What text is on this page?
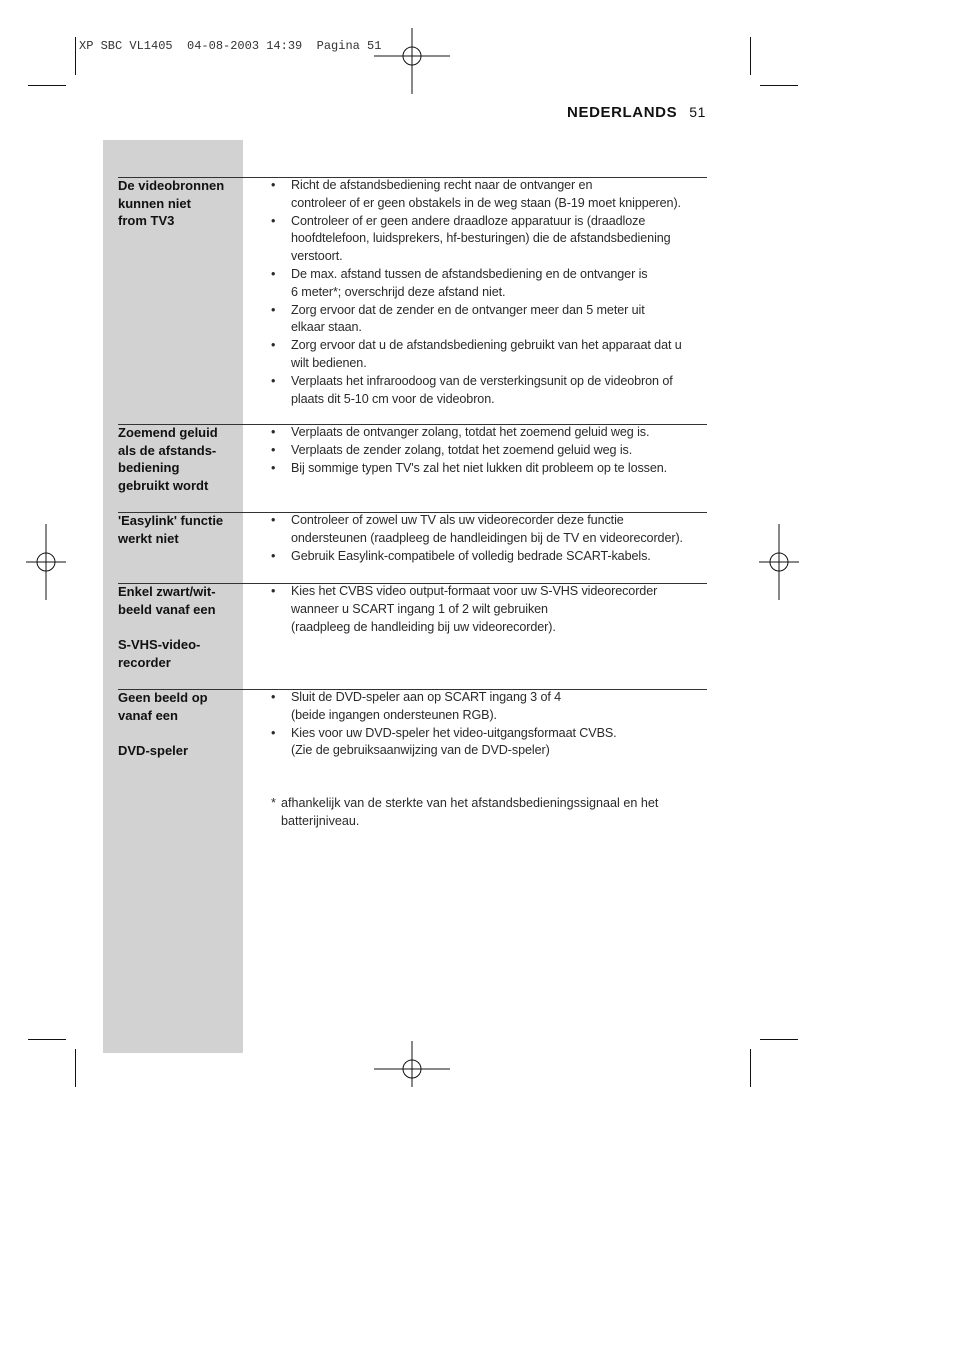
XP SBC VL1405  04-08-2003 14:39  Pagina 51
NEDERLANDS 51
De videobronnen
kunnen niet
from TV3
• Richt de afstandsbediening recht naar de ontvanger en
controleer of er geen obstakels in de weg staan (B-19 moet knipperen).
• Controleer of er geen andere draadloze apparatuur is (draadloze
hoofdtelefoon, luidsprekers, hf-besturingen) die de afstandsbediening
verstoort.
• De max. afstand tussen de afstandsbediening en de ontvanger is
6 meter*; overschrijd deze afstand niet.
• Zorg ervoor dat de zender en de ontvanger meer dan 5 meter uit
elkaar staan.
• Zorg ervoor dat u de afstandsbediening gebruikt van het apparaat dat u
wilt bedienen.
• Verplaats het infraroodoog van de versterkingsunit op de videobron of
plaats dit 5-10 cm voor de videobron.
Zoemend geluid
als de afstands-
bediening
gebruikt wordt
• Verplaats de ontvanger zolang, totdat het zoemend geluid weg is.
• Verplaats de zender zolang, totdat het zoemend geluid weg is.
• Bij sommige typen TV's zal het niet lukken dit probleem op te lossen.
'Easylink' functie
werkt niet
• Controleer of zowel uw TV als uw videorecorder deze functie
ondersteunen (raadpleeg de handleidingen bij de TV en videorecorder).
• Gebruik Easylink-compatibele of volledig bedrade SCART-kabels.
Enkel zwart/wit-
beeld vanaf een
S-VHS-video-
recorder
• Kies het CVBS video output-formaat voor uw S-VHS videorecorder
wanneer u SCART ingang 1 of 2 wilt gebruiken
(raadpleeg de handleiding bij uw videorecorder).
Geen beeld op
vanaf een
DVD-speler
• Sluit de DVD-speler aan op SCART ingang 3 of 4
(beide ingangen ondersteunen RGB).
• Kies voor uw DVD-speler het video-uitgangsformaat CVBS.
(Zie de gebruiksaanwijzing van de DVD-speler)
* afhankelijk van de sterkte van het afstandsbedieningssignaal en het
batterijniveau.
